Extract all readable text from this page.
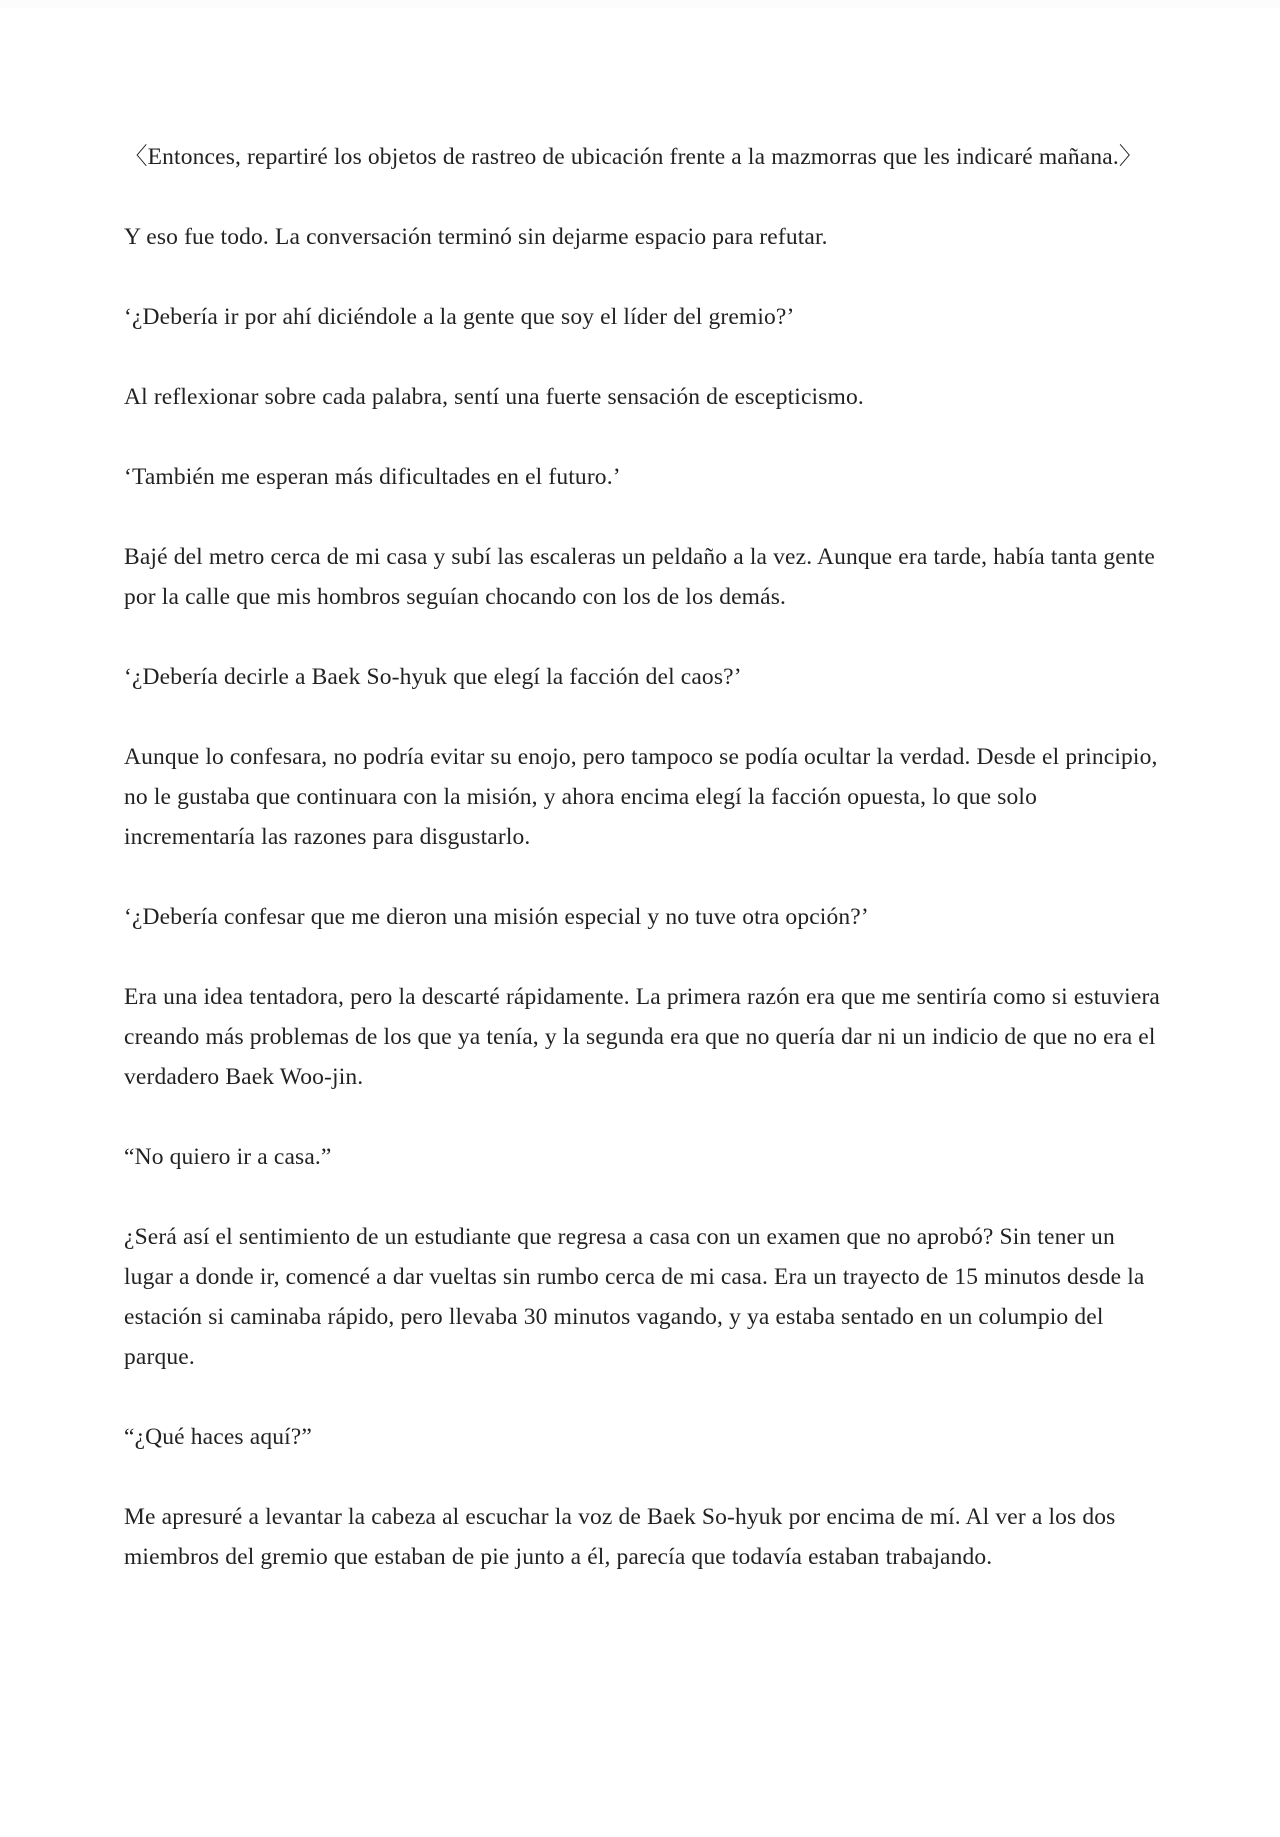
〈Entonces, repartiré los objetos de rastreo de ubicación frente a la mazmorras que les indicaré mañana.〉

Y eso fue todo. La conversación terminó sin dejarme espacio para refutar.

‘¿Debería ir por ahí diciéndole a la gente que soy el líder del gremio?’

Al reflexionar sobre cada palabra, sentí una fuerte sensación de escepticismo.

‘También me esperan más dificultades en el futuro.’

Bajé del metro cerca de mi casa y subí las escaleras un peldaño a la vez. Aunque era tarde, había tanta gente por la calle que mis hombros seguían chocando con los de los demás.

‘¿Debería decirle a Baek So-hyuk que elegí la facción del caos?’

Aunque lo confesara, no podría evitar su enojo, pero tampoco se podía ocultar la verdad. Desde el principio, no le gustaba que continuara con la misión, y ahora encima elegí la facción opuesta, lo que solo incrementaría las razones para disgustarlo.

‘¿Debería confesar que me dieron una misión especial y no tuve otra opción?’

Era una idea tentadora, pero la descarté rápidamente. La primera razón era que me sentiría como si estuviera creando más problemas de los que ya tenía, y la segunda era que no quería dar ni un indicio de que no era el verdadero Baek Woo-jin.

“No quiero ir a casa.”

¿Será así el sentimiento de un estudiante que regresa a casa con un examen que no aprobó? Sin tener un lugar a donde ir, comencé a dar vueltas sin rumbo cerca de mi casa. Era un trayecto de 15 minutos desde la estación si caminaba rápido, pero llevaba 30 minutos vagando, y ya estaba sentado en un columpio del parque.

“¿Qué haces aquí?”

Me apresuré a levantar la cabeza al escuchar la voz de Baek So-hyuk por encima de mí. Al ver a los dos miembros del gremio que estaban de pie junto a él, parecía que todavía estaban trabajando.
